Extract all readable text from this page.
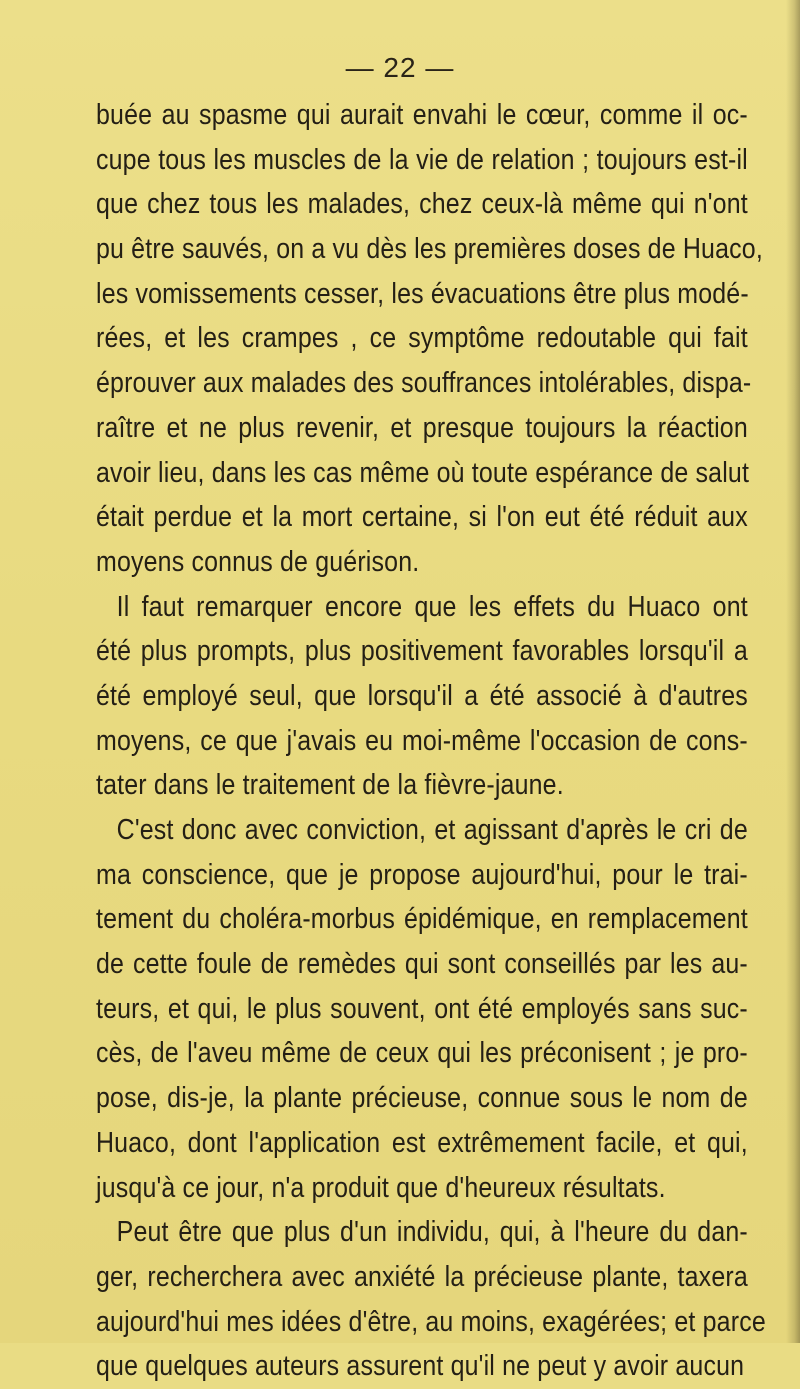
— 22 —
buée au spasme qui aurait envahi le cœur, comme il oc-
cupe tous les muscles de la vie de relation ; toujours est-il
que chez tous les malades, chez ceux-là même qui n'ont
pu être sauvés, on a vu dès les premières doses de Huaco,
les vomissements cesser, les évacuations être plus modé-
rées, et les crampes , ce symptôme redoutable qui fait
éprouver aux malades des souffrances intolérables, dispa-
raître et ne plus revenir, et presque toujours la réaction
avoir lieu, dans les cas même où toute espérance de salut
était perdue et la mort certaine, si l'on eut été réduit aux
moyens connus de guérison.
Il faut remarquer encore que les effets du Huaco ont
été plus prompts, plus positivement favorables lorsqu'il a
été employé seul, que lorsqu'il a été associé à d'autres
moyens, ce que j'avais eu moi-même l'occasion de cons-
tater dans le traitement de la fièvre-jaune.
C'est donc avec conviction, et agissant d'après le cri de
ma conscience, que je propose aujourd'hui, pour le trai-
tement du choléra-morbus épidémique, en remplacement
de cette foule de remèdes qui sont conseillés par les au-
teurs, et qui, le plus souvent, ont été employés sans suc-
cès, de l'aveu même de ceux qui les préconisent ; je pro-
pose, dis-je, la plante précieuse, connue sous le nom de
Huaco, dont l'application est extrêmement facile, et qui,
jusqu'à ce jour, n'a produit que d'heureux résultats.
Peut être que plus d'un individu, qui, à l'heure du dan-
ger, recherchera avec anxiété la précieuse plante, taxera
aujourd'hui mes idées d'être, au moins, exagérées; et parce
que quelques auteurs assurent qu'il ne peut y avoir aucun
